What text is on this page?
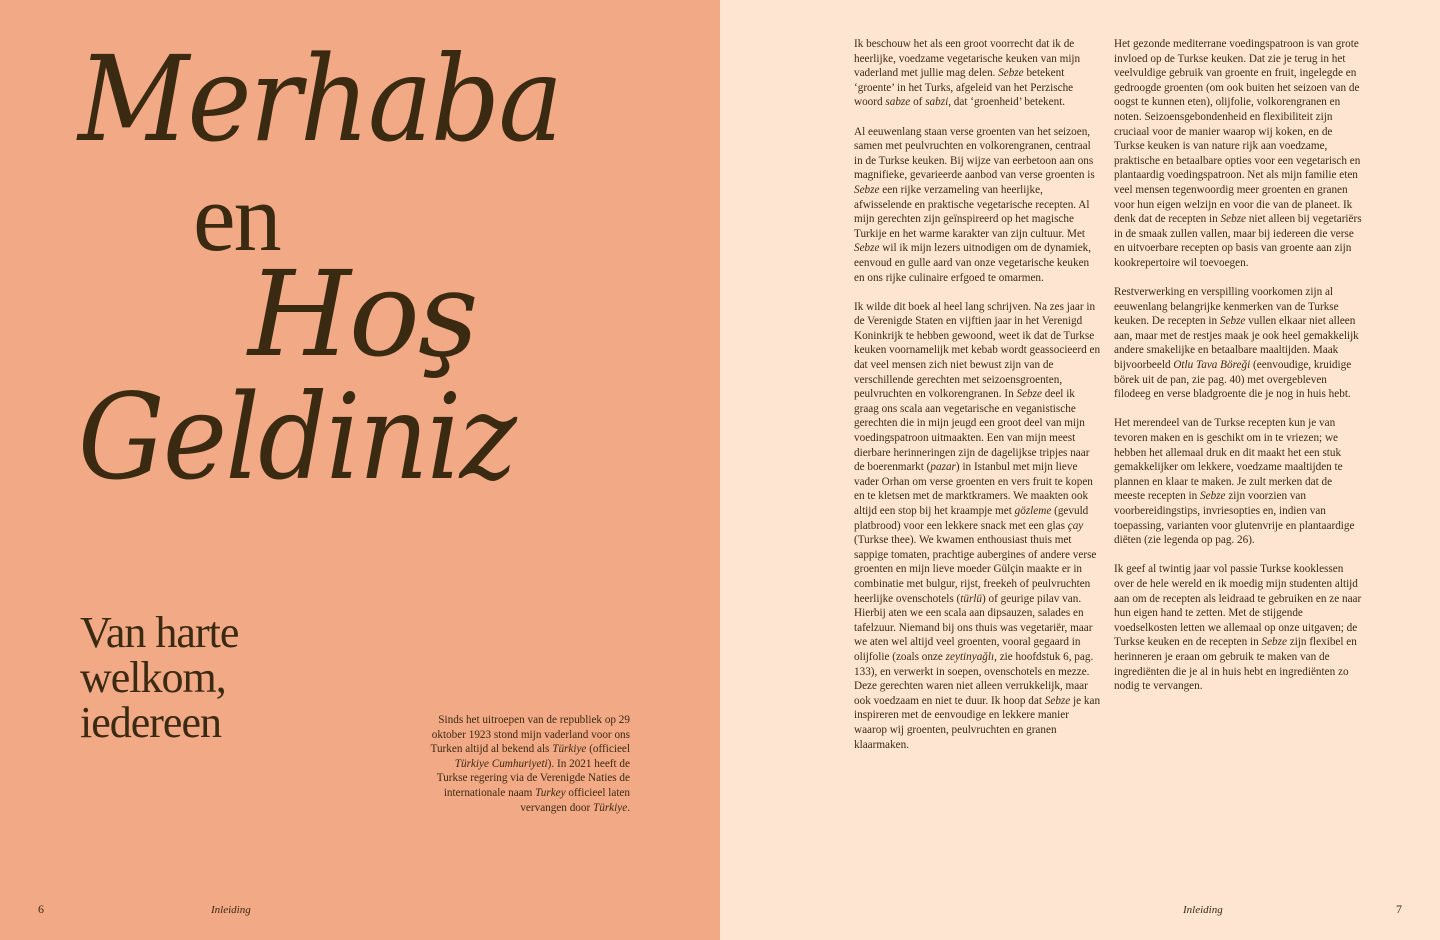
Merhaba
en
Hoş
Geldiniz
Van harte
welkom,
iedereen	Sinds het uitroepen van de republiek op 29 oktober 1923 stond mijn vaderland voor ons Turken altijd al bekend als Türkiye (officieel Türkiye Cumhuriyeti). In 2021 heeft de Turkse regering via de Verenigde Naties de internationale naam Turkey officieel laten vervangen door Türkiye.

6	Inleiding

Ik beschouw het als een groot voorrecht dat ik de heerlijke, voedzame vegetarische keuken van mijn vaderland met jullie mag delen. Sebze betekent ‘groente’ in het Turks, afgeleid van het Perzische woord sabze of sabzi, dat ‘groenheid’ betekent.

Al eeuwenlang staan verse groenten van het seizoen, samen met peulvruchten en volkorengranen, centraal in de Turkse keuken. Bij wijze van eerbetoon aan ons magnifieke, gevarieerde aanbod van verse groenten is Sebze een rijke verzameling van heerlijke, afwisselende en praktische vegetarische recepten. Al mijn gerechten zijn geïnspireerd op het magische Turkije en het warme karakter van zijn cultuur. Met Sebze wil ik mijn lezers uitnodigen om de dynamiek, eenvoud en gulle aard van onze vegetarische keuken en ons rijke culinaire erfgoed te omarmen.

Ik wilde dit boek al heel lang schrijven. Na zes jaar in de Verenigde Staten en vijftien jaar in het Verenigd Koninkrijk te hebben gewoond, weet ik dat de Turkse keuken voornamelijk met kebab wordt geassocieerd en dat veel mensen zich niet bewust zijn van de verschillende gerechten met seizoensgroenten, peulvruchten en volkorengranen. In Sebze deel ik graag ons scala aan vegetarische en veganistische gerechten die in mijn jeugd een groot deel van mijn voedingspatroon uitmaakten. Een van mijn meest dierbare herinneringen zijn de dagelijkse tripjes naar de boerenmarkt (pazar) in Istanbul met mijn lieve vader Orhan om verse groenten en vers fruit te kopen en te kletsen met de marktkramers. We maakten ook altijd een stop bij het kraampje met gözleme (gevuld platbrood) voor een lekkere snack met een glas çay (Turkse thee). We kwamen enthousiast thuis met sappige tomaten, prachtige aubergines of andere verse groenten en mijn lieve moeder Gülçin maakte er in combinatie met bulgur, rijst, freekeh of peulvruchten heerlijke ovenschotels (türlü) of geurige pilav van. Hierbij aten we een scala aan dipsauzen, salades en tafelzuur. Niemand bij ons thuis was vegetariër, maar we aten wel altijd veel groenten, vooral gegaard in olijfolie (zoals onze zeytinyağlı, zie hoofdstuk 6, pag. 133), en verwerkt in soepen, ovenschotels en mezze. Deze gerechten waren niet alleen verrukkelijk, maar ook voedzaam en niet te duur. Ik hoop dat Sebze je kan inspireren met de eenvoudige en lekkere manier waarop wij groenten, peulvruchten en granen klaarmaken.

Het gezonde mediterrane voedingspatroon is van grote invloed op de Turkse keuken. Dat zie je terug in het veelvuldige gebruik van groente en fruit, ingelegde en gedroogde groenten (om ook buiten het seizoen van de oogst te kunnen eten), olijfolie, volkorengranen en noten. Seizoensgebondenheid en flexibiliteit zijn cruciaal voor de manier waarop wij koken, en de Turkse keuken is van nature rijk aan voedzame, praktische en betaalbare opties voor een vegetarisch en plantaardig voedingspatroon. Net als mijn familie eten veel mensen tegenwoordig meer groenten en granen voor hun eigen welzijn en voor die van de planeet. Ik denk dat de recepten in Sebze niet alleen bij vegetariërs in de smaak zullen vallen, maar bij iedereen die verse en uitvoerbare recepten op basis van groente aan zijn kookrepertoire wil toevoegen.

Restverwerking en verspilling voorkomen zijn al eeuwenlang belangrijke kenmerken van de Turkse keuken. De recepten in Sebze vullen elkaar niet alleen aan, maar met de restjes maak je ook heel gemakkelijk andere smakelijke en betaalbare maaltijden. Maak bijvoorbeeld Otlu Tava Böreği (eenvoudige, kruidige börek uit de pan, zie pag. 40) met overgebleven filodeeg en verse bladgroente die je nog in huis hebt.

Het merendeel van de Turkse recepten kun je van tevoren maken en is geschikt om in te vriezen; we hebben het allemaal druk en dit maakt het een stuk gemakkelijker om lekkere, voedzame maaltijden te plannen en klaar te maken. Je zult merken dat de meeste recepten in Sebze zijn voorzien van voorbereidingstips, invriesopties en, indien van toepassing, varianten voor glutenvrije en plantaardige diëten (zie legenda op pag. 26).

Ik geef al twintig jaar vol passie Turkse kooklessen over de hele wereld en ik moedig mijn studenten altijd aan om de recepten als leidraad te gebruiken en ze naar hun eigen hand te zetten. Met de stijgende voedselkosten letten we allemaal op onze uitgaven; de Turkse keuken en de recepten in Sebze zijn flexibel en herinneren je eraan om gebruik te maken van de ingrediënten die je al in huis hebt en ingrediënten zo nodig te vervangen.

Inleiding	7
